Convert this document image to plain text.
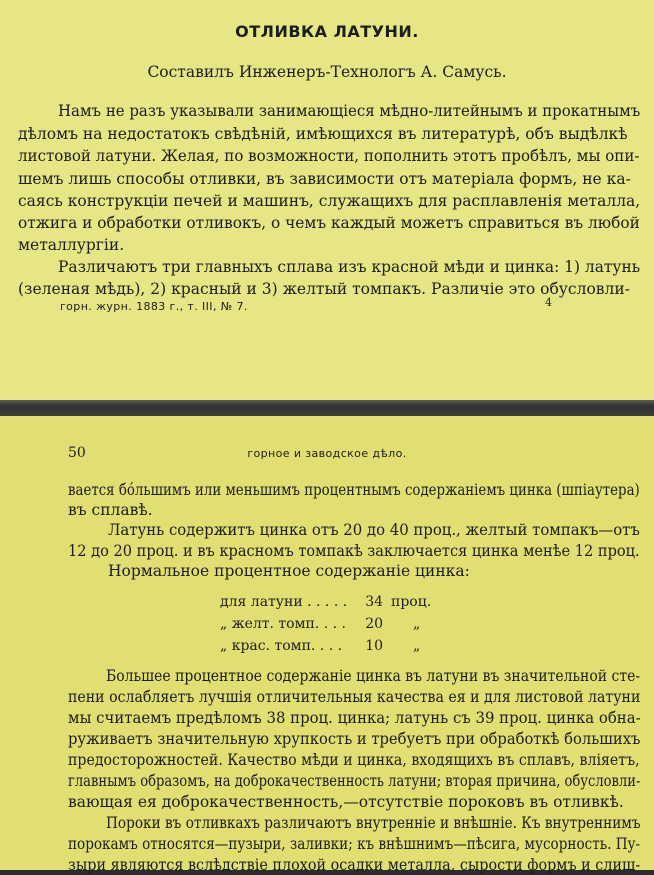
ОТЛИВКА ЛАТУНИ.
Составилъ Инженеръ-Технологъ А. Самусь.
Намъ не разъ указывали занимающiеся мѣдно-литейнымъ и прокатнымъ
дѣломъ на недостатокъ свѣдѣнiй, имѣющихся въ литературѣ, объ выдѣлкѣ
листовой латуни. Желая, по возможности, пополнить этотъ пробѣлъ, мы опи-
шемъ лишь способы отливки, въ зависимости отъ матерiала формъ, не ка-
саясь конструкцiи печей и машинъ, служащихъ для расплавленiя металла,
отжига и обработки отливокъ, о чемъ каждый можетъ справиться въ любой
металлургiи.
Различаютъ три главныхъ сплава изъ красной мѣди и цинка: 1) латунь
(зеленая мѣдь), 2) красный и 3) желтый томпакъ. Различiе это обусловли-
горн. журн. 1883 г., т. III, № 7.	4
50	горное и заводское дѣло.
вается бóльшимъ или меньшимъ процентнымъ содержанiемъ цинка (шпiаутера)
въ сплавѣ.
Латунь содержитъ цинка отъ 20 до 40 проц., желтый томпакъ—отъ
12 до 20 проц. и въ красномъ томпакѣ заключается цинка менѣе 12 проц.
Нормальное процентное содержанiе цинка:
для латуни . . . . .	34	проц.
„ желт. томп. . . .	20	„
„ крас. томп. . . .	10	„
Большее процентное содержанiе цинка въ латуни въ значительной сте-
пени ослабляетъ лучшiя отличительныя качества ея и для листовой латуни
мы считаемъ предѣломъ 38 проц. цинка; латунь съ 39 проц. цинка обна-
руживаетъ значительную хрупкость и требуетъ при обработкѣ большихъ
предосторожностей. Качество мѣди и цинка, входящихъ въ сплавъ, влiяетъ,
главнымъ образомъ, на доброкачественность латуни; вторая причина, обусловли-
вающая ея доброкачественность,—отсутствiе пороковъ въ отливкѣ.
Пороки въ отливкахъ различаютъ внутреннiе и внѣшнiе. Къ внутреннимъ
порокамъ относятся—пузыри, заливки; къ внѣшнимъ—пѣсига, мусорность. Пу-
зыри являются вслѣдствiе плохой осадки металла, сырости формъ и слиш-
